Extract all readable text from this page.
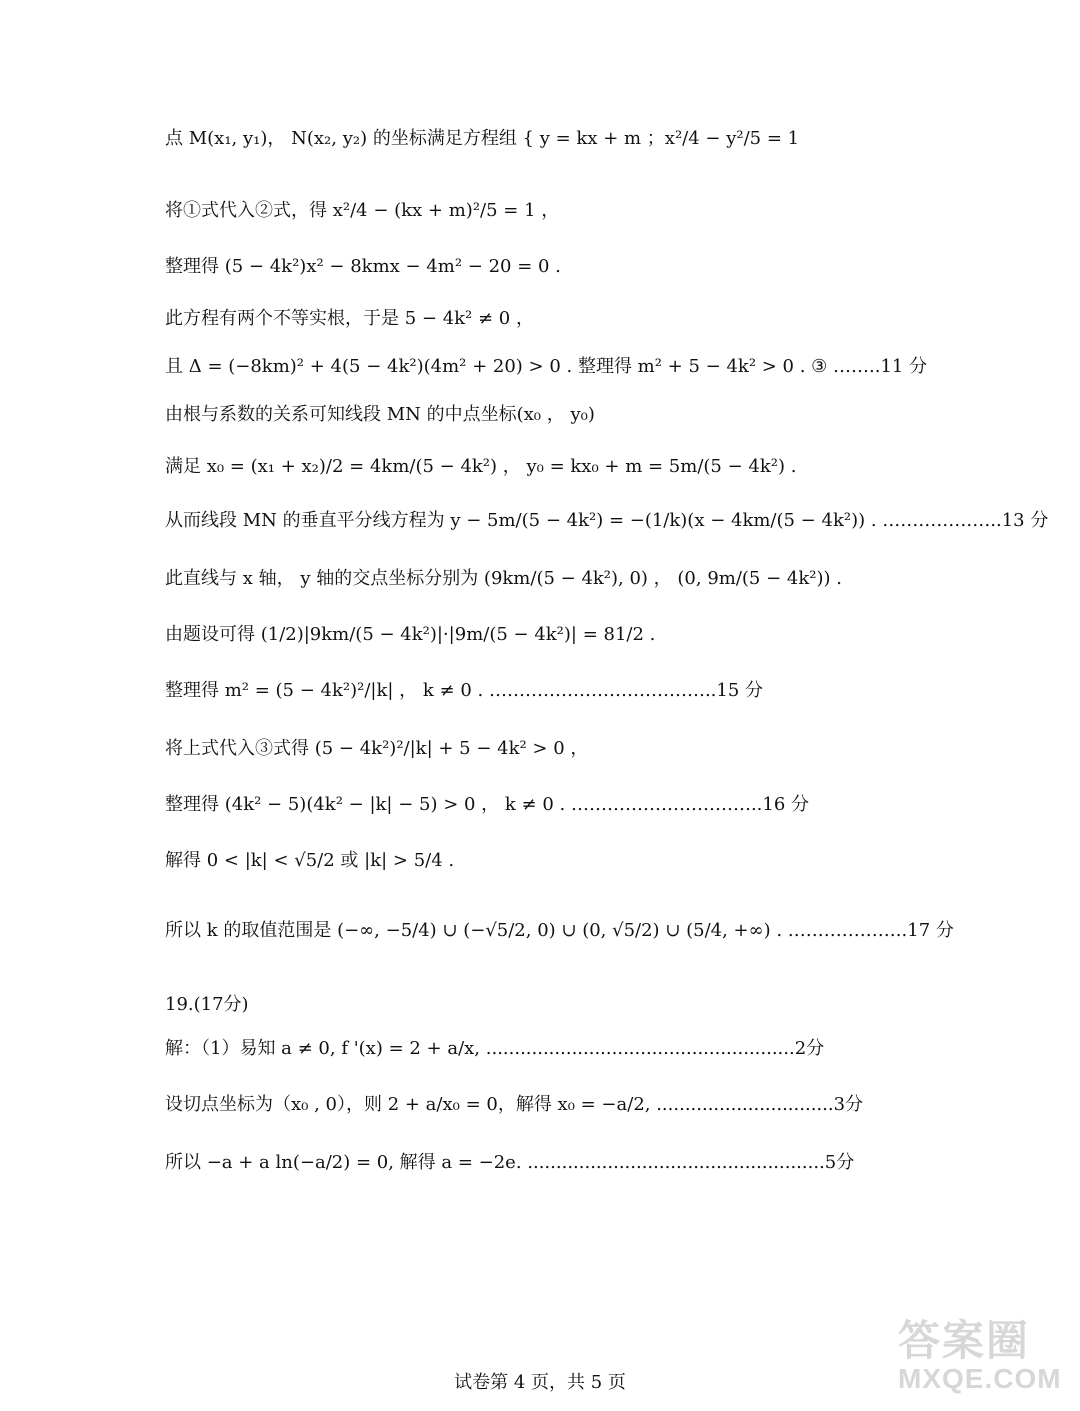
点 M(x₁, y₁)， N(x₂, y₂) 的坐标满足方程组 { y = kx + m ；x²/4 − y²/5 = 1
将①式代入②式，得 x²/4 − (kx + m)²/5 = 1 ，
整理得 (5 − 4k²)x² − 8kmx − 4m² − 20 = 0 .
此方程有两个不等实根，于是 5 − 4k² ≠ 0 ，
且 Δ = (−8km)² + 4(5 − 4k²)(4m² + 20) > 0 . 整理得 m² + 5 − 4k² > 0 . ③ ……..11 分
由根与系数的关系可知线段 MN 的中点坐标(x₀ ， y₀)
满足 x₀ = (x₁ + x₂)/2 = 4km/(5 − 4k²) ， y₀ = kx₀ + m = 5m/(5 − 4k²) .
从而线段 MN 的垂直平分线方程为 y − 5m/(5 − 4k²) = −(1/k)(x − 4km/(5 − 4k²)) . ………………..13 分
此直线与 x 轴， y 轴的交点坐标分别为 (9km/(5 − 4k²), 0) ， (0, 9m/(5 − 4k²)) .
由题设可得 (1/2)|9km/(5 − 4k²)|·|9m/(5 − 4k²)| = 81/2 .
整理得 m² = (5 − 4k²)²/|k| ， k ≠ 0 . ………………………………..15 分
将上式代入③式得 (5 − 4k²)²/|k| + 5 − 4k² > 0 ，
整理得 (4k² − 5)(4k² − |k| − 5) > 0 ， k ≠ 0 . …………………………..16 分
解得 0 < |k| < √5/2 或 |k| > 5/4 .
所以 k 的取值范围是 (−∞, −5/4) ∪ (−√5/2, 0) ∪ (0, √5/2) ∪ (5/4, +∞) . ………………..17 分
19.(17分)
解：（1）易知 a ≠ 0, f '(x) = 2 + a/x, ......................................................2分
设切点坐标为（x₀ , 0），则 2 + a/x₀ = 0，解得 x₀ = −a/2, ...............................3分
所以 −a + a ln(−a/2) = 0, 解得 a = −2e. ....................................................5分
试卷第 4 页，共 5 页
答案圈
MXQE.COM
